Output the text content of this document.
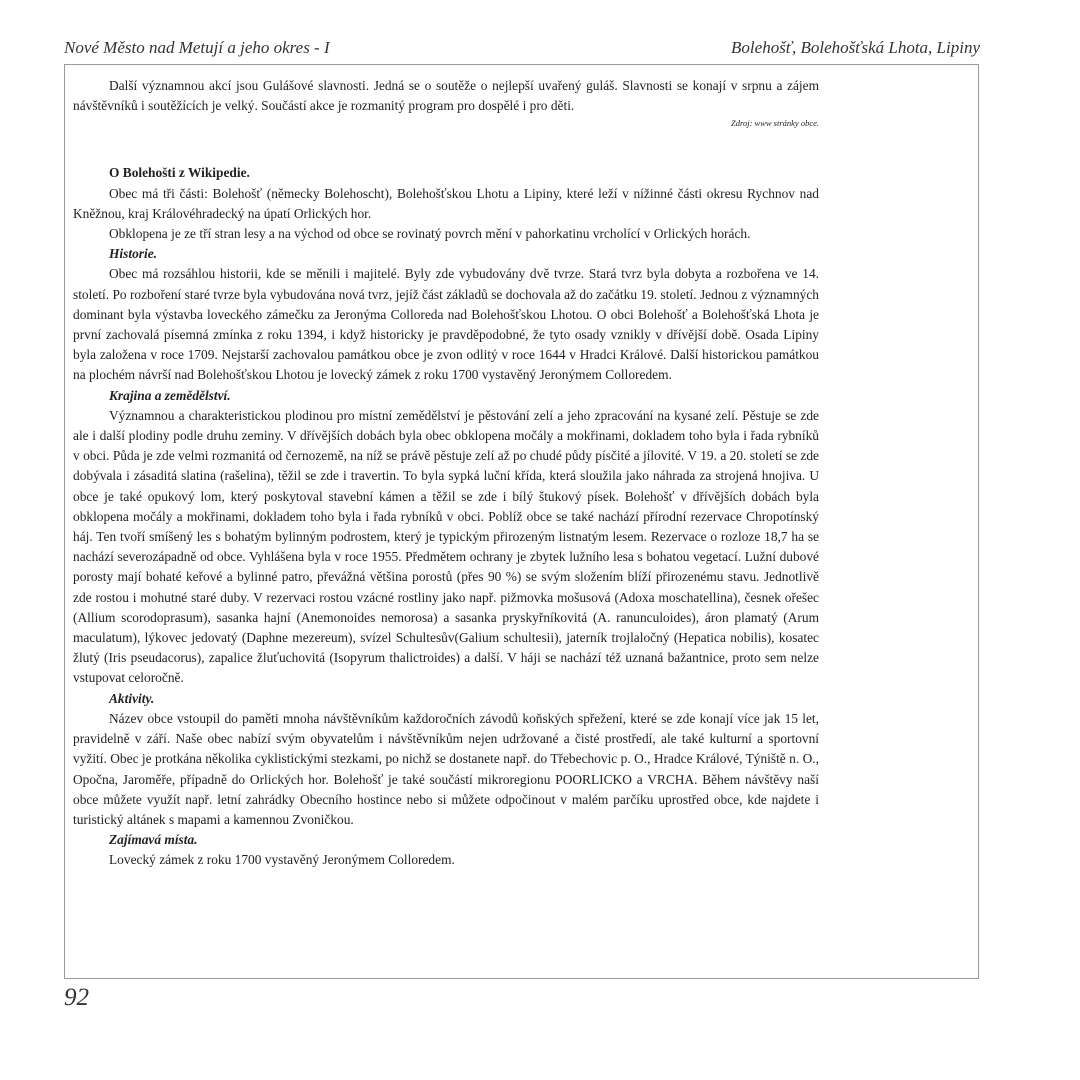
Nové Město nad Metují a jeho okres - I	Bolehošť, Bolehošťská Lhota, Lipiny

Další významnou akcí jsou Gulášové slavnosti. Jedná se o soutěže o nejlepší uvařený guláš. Slavnosti se konají v srpnu a zájem návštěvníků i soutěžících je velký. Součástí akce je rozmanitý program pro dospělé i pro děti.

Zdroj: www stránky obce.
O Bolehošti z Wikipedie.

Obec má tři části: Bolehošť (německy Bolehoscht), Bolehošťskou Lhotu a Lipiny, které leží v nížinné části okresu Rychnov nad Kněžnou, kraj Královéhradecký na úpatí Orlických hor.

Obklopena je ze tří stran lesy a na východ od obce se rovinatý povrch mění v pahorkatinu vrcholící v Orlických horách.

Historie.

Obec má rozsáhlou historii, kde se měnili i majitelé. Byly zde vybudovány dvě tvrze. Stará tvrz byla dobyta a rozbořena ve 14. století. Po rozboření staré tvrze byla vybudována nová tvrz, jejíž část základů se dochovala až do začátku 19. století. Jednou z významných dominant byla výstavba loveckého zámečku za Jeronýma Colloreda nad Bolehošťskou Lhotou. O obci Bolehošť a Bolehošťská Lhota je první zachovalá písemná zmínka z roku 1394, i když historicky je pravděpodobné, že tyto osady vznikly v dřívější době. Osada Lipiny byla založena v roce 1709. Nejstarší zachovalou památkou obce je zvon odlitý v roce 1644 v Hradci Králové. Další historickou památkou na plochém návrší nad Bolehošťskou Lhotou je lovecký zámek z roku 1700 vystavěný Jeronýmem Colloredem.

Krajina a zemědělství.

Významnou a charakteristickou plodinou pro místní zemědělství je pěstování zelí a jeho zpracování na kysané zelí. Pěstuje se zde ale i další plodiny podle druhu zeminy. V dřívějších dobách byla obec obklopena močály a mokřinami, dokladem toho byla i řada rybníků v obci. Půda je zde velmi rozmanitá od černozemě, na níž se právě pěstuje zelí až po chudé půdy písčité a jílovité. V 19. a 20. století se zde dobývala i zásaditá slatina (rašelina), těžil se zde i travertin. To byla sypká luční křída, která sloužila jako náhrada za strojená hnojiva. U obce je také opukový lom, který poskytoval stavební kámen a těžil se zde i bílý štukový písek. Bolehošť v dřívějších dobách byla obklopena močály a mokřinami, dokladem toho byla i řada rybníků v obci. Poblíž obce se také nachází přírodní rezervace Chropotínský háj. Ten tvoří smíšený les s bohatým bylinným podrostem, který je typickým přirozeným listnatým lesem. Rezervace o rozloze 18,7 ha se nachází severozápadně od obce. Vyhlášena byla v roce 1955. Předmětem ochrany je zbytek lužního lesa s bohatou vegetací. Lužní dubové porosty mají bohaté keřové a bylinné patro, převážná většina porostů (přes 90 %) se svým složením blíží přirozenému stavu. Jednotlivě zde rostou i mohutné staré duby. V rezervaci rostou vzácné rostliny jako např. pižmovka mošusová (Adoxa moschatellina), česnek ořešec (Allium scorodoprasum), sasanka hajní (Anemonoides nemorosa) a sasanka pryskyřníkovitá (A. ranunculoides), áron plamatý (Arum maculatum), lýkovec jedovatý (Daphne mezereum), svízel Schultesův(Galium schultesii), jaterník trojlaločný (Hepatica nobilis), kosatec žlutý (Iris pseudacorus), zapalice žluťuchovitá (Isopyrum thalictroides) a další. V háji se nachází též uznaná bažantnice, proto sem nelze vstupovat celoročně.

Aktivity.

Název obce vstoupil do paměti mnoha návštěvníkům každoročních závodů koňských spřežení, které se zde konají více jak 15 let, pravidelně v září. Naše obec nabízí svým obyvatelům i návštěvníkům nejen udržované a čisté prostředí, ale také kulturní a sportovní vyžití. Obec je protkána několika cyklistickými stezkami, po nichž se dostanete např. do Třebechovic p. O., Hradce Králové, Týniště n. O., Opočna, Jaroměře, případně do Orlických hor. Bolehošť je také součástí mikroregionu POORLICKO a VRCHA. Během návštěvy naší obce můžete využít např. letní zahrádky Obecního hostince nebo si můžete odpočinout v malém parčíku uprostřed obce, kde najdete i turistický altánek s mapami a kamennou Zvoničkou.

Zajímavá místa.

Lovecký zámek z roku 1700 vystavěný Jeronýmem Colloredem.

92
